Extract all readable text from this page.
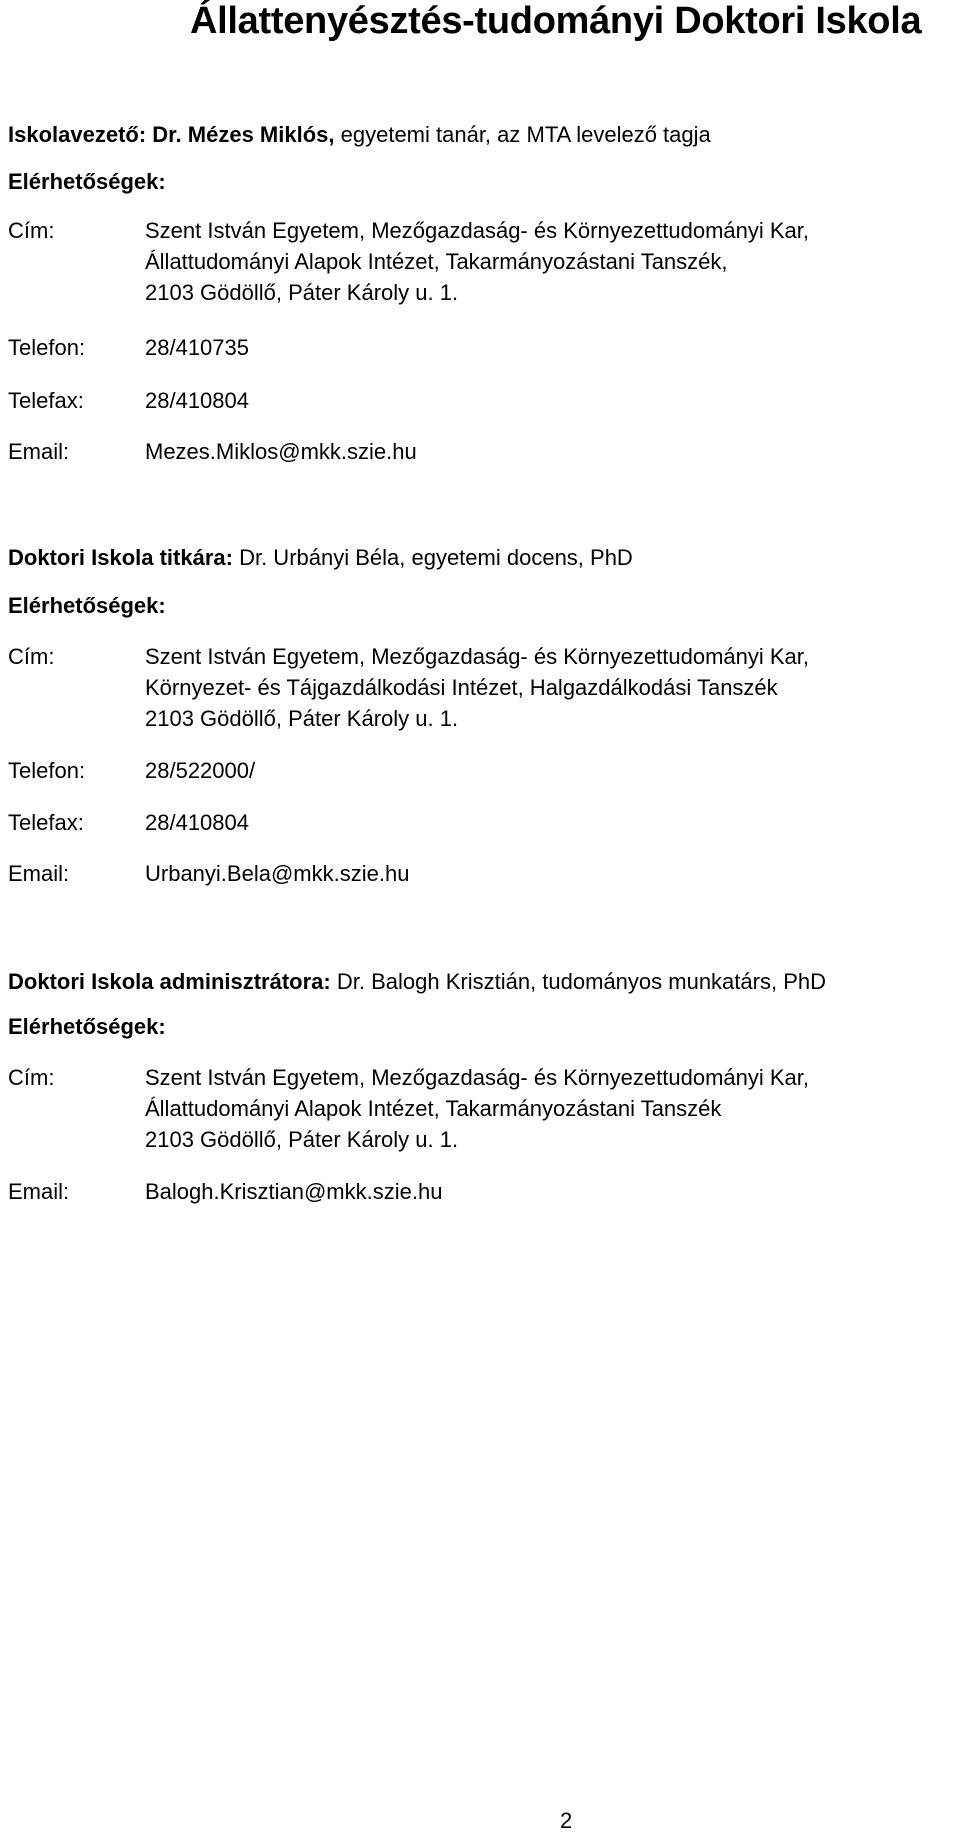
Állattenyésztés-tudományi Doktori Iskola
Iskolavezető: Dr. Mézes Miklós, egyetemi tanár, az MTA levelező tagja
Elérhetőségek:
Cím:	Szent István Egyetem, Mezőgazdaság- és Környezettudományi Kar,
Állattudományi Alapok Intézet, Takarmányozástani Tanszék,
2103 Gödöllő, Páter Károly u. 1.
Telefon:	28/410735
Telefax:	28/410804
Email:	Mezes.Miklos@mkk.szie.hu
Doktori Iskola titkára: Dr. Urbányi Béla, egyetemi docens, PhD
Elérhetőségek:
Cím:	Szent István Egyetem, Mezőgazdaság- és Környezettudományi Kar,
Környezet- és Tájgazdálkodási Intézet, Halgazdálkodási Tanszék
2103 Gödöllő, Páter Károly u. 1.
Telefon:	28/522000/
Telefax:	28/410804
Email:	Urbanyi.Bela@mkk.szie.hu
Doktori Iskola adminisztrátora: Dr. Balogh Krisztián, tudományos munkatárs, PhD
Elérhetőségek:
Cím:	Szent István Egyetem, Mezőgazdaság- és Környezettudományi Kar,
Állattudományi Alapok Intézet, Takarmányozástani Tanszék
2103 Gödöllő, Páter Károly u. 1.
Email:	Balogh.Krisztian@mkk.szie.hu
2
